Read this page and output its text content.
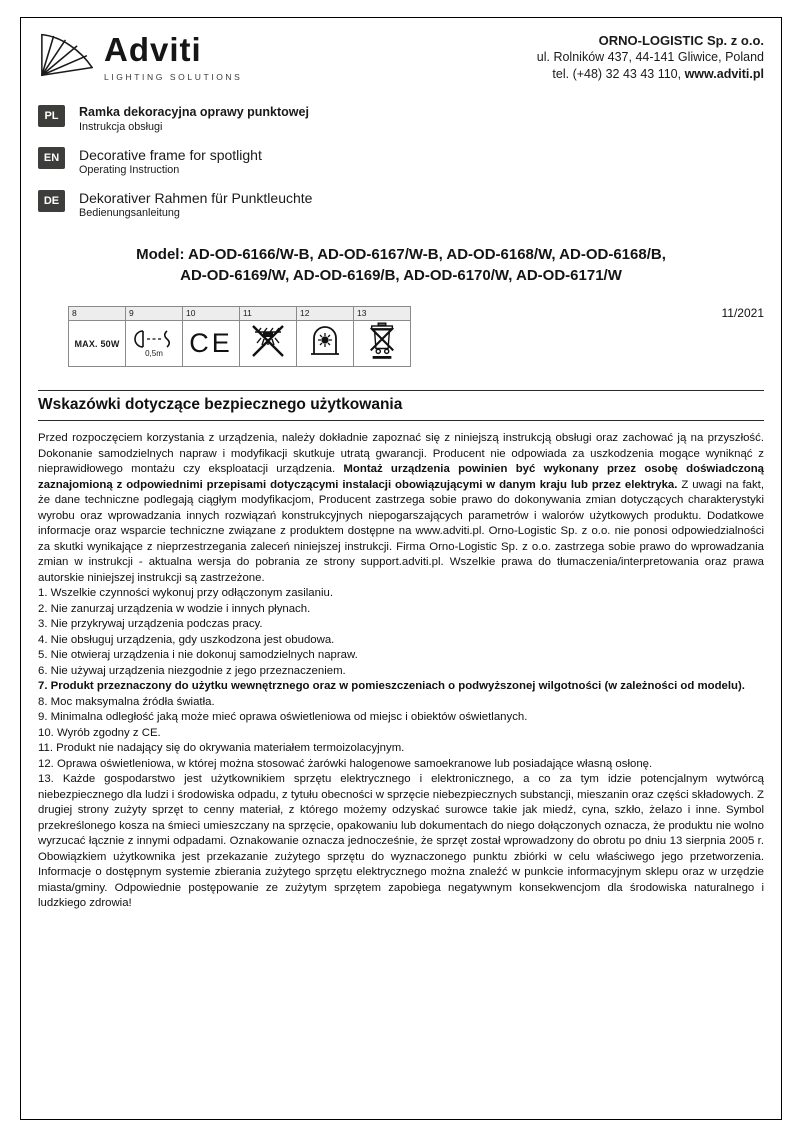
Adviti
LIGHTING SOLUTIONS
ORNO-LOGISTIC Sp. z o.o.
ul. Rolników 437, 44-141 Gliwice, Poland
tel. (+48) 32 43 43 110, www.adviti.pl
PL	Ramka dekoracyjna oprawy punktowej
Instrukcja obsługi
EN	Decorative frame for spotlight
Operating Instruction
DE	Dekorativer Rahmen für Punktleuchte
Bedienungsanleitung
Model: AD-OD-6166/W-B, AD-OD-6167/W-B, AD-OD-6168/W, AD-OD-6168/B,
AD-OD-6169/W, AD-OD-6169/B, AD-OD-6170/W, AD-OD-6171/W
8	9	10	11	12	13

MAX. 50W	0,5m	CE

11/2021
Wskazówki dotyczące bezpiecznego użytkowania

Przed rozpoczęciem korzystania z urządzenia, należy dokładnie zapoznać się z niniejszą instrukcją obsługi oraz zachować ją na przyszłość. Dokonanie samodzielnych napraw i modyfikacji skutkuje utratą gwarancji. Producent nie odpowiada za uszkodzenia mogące wyniknąć z nieprawidłowego montażu czy eksploatacji urządzenia. Montaż urządzenia powinien być wykonany przez osobę doświadczoną zaznajomioną z odpowiednimi przepisami dotyczącymi instalacji obowiązującymi w danym kraju lub przez elektryka. Z uwagi na fakt, że dane techniczne podlegają ciągłym modyfikacjom, Producent zastrzega sobie prawo do dokonywania zmian dotyczących charakterystyki wyrobu oraz wprowadzania innych rozwiązań konstrukcyjnych niepogarszających parametrów i walorów użytkowych produktu. Dodatkowe informacje oraz wsparcie techniczne związane z produktem dostępne na www.adviti.pl. Orno-Logistic Sp. z o.o. nie ponosi odpowiedzialności za skutki wynikające z nieprzestrzegania zaleceń niniejszej instrukcji. Firma Orno-Logistic Sp. z o.o. zastrzega sobie prawo do wprowadzania zmian w instrukcji - aktualna wersja do pobrania ze strony support.adviti.pl. Wszelkie prawa do tłumaczenia/interpretowania oraz prawa autorskie niniejszej instrukcji są zastrzeżone.

1. Wszelkie czynności wykonuj przy odłączonym zasilaniu.
2. Nie zanurzaj urządzenia w wodzie i innych płynach.
3. Nie przykrywaj urządzenia podczas pracy.
4. Nie obsługuj urządzenia, gdy uszkodzona jest obudowa.
5. Nie otwieraj urządzenia i nie dokonuj samodzielnych napraw.
6. Nie używaj urządzenia niezgodnie z jego przeznaczeniem.
7. Produkt przeznaczony do użytku wewnętrznego oraz w pomieszczeniach o podwyższonej wilgotności (w zależności od modelu).
8. Moc maksymalna źródła światła.
9. Minimalna odległość jaką może mieć oprawa oświetleniowa od miejsc i obiektów oświetlanych.
10. Wyrób zgodny z CE.
11. Produkt nie nadający się do okrywania materiałem termoizolacyjnym.
12. Oprawa oświetleniowa, w której można stosować żarówki halogenowe samoekranowe lub posiadające własną osłonę.
13. Każde gospodarstwo jest użytkownikiem sprzętu elektrycznego i elektronicznego, a co za tym idzie potencjalnym wytwórcą niebezpiecznego dla ludzi i środowiska odpadu, z tytułu obecności w sprzęcie niebezpiecznych substancji, mieszanin oraz części składowych. Z drugiej strony zużyty sprzęt to cenny materiał, z którego możemy odzyskać surowce takie jak miedź, cyna, szkło, żelazo i inne. Symbol przekreślonego kosza na śmieci umieszczany na sprzęcie, opakowaniu lub dokumentach do niego dołączonych oznacza, że produktu nie wolno wyrzucać łącznie z innymi odpadami. Oznakowanie oznacza jednocześnie, że sprzęt został wprowadzony do obrotu po dniu 13 sierpnia 2005 r. Obowiązkiem użytkownika jest przekazanie zużytego sprzętu do wyznaczonego punktu zbiórki w celu właściwego jego przetworzenia. Informacje o dostępnym systemie zbierania zużytego sprzętu elektrycznego można znaleźć w punkcie informacyjnym sklepu oraz w urzędzie miasta/gminy. Odpowiednie postępowanie ze zużytym sprzętem zapobiega negatywnym konsekwencjom dla środowiska naturalnego i ludzkiego zdrowia!
